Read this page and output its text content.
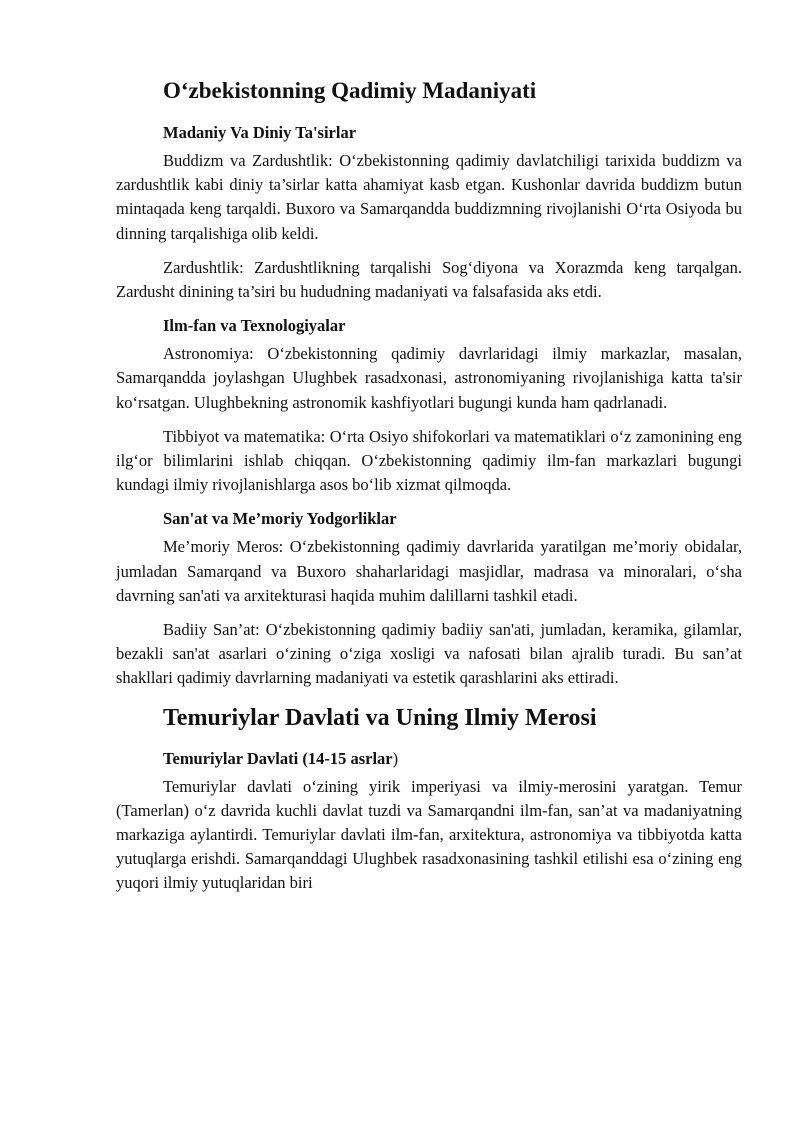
O‘zbekistonning Qadimiy Madaniyati
Madaniy Va Diniy Ta'sirlar

Buddizm va Zardushtlik: O‘zbekistonning qadimiy davlatchiligi tarixida buddizm va zardushtlik kabi diniy ta’sirlar katta ahamiyat kasb etgan. Kushonlar davrida buddizm butun mintaqada keng tarqaldi. Buxoro va Samarqandda buddizmning rivojlanishi O‘rta Osiyoda bu dinning tarqalishiga olib keldi.

Zardushtlik: Zardushtlikning tarqalishi Sog‘diyona va Xorazmda keng tarqalgan. Zardusht dinining ta’siri bu hududning madaniyati va falsafasida aks etdi.

Ilm-fan va Texnologiyalar

Astronomiya: O‘zbekistonning qadimiy davrlaridagi ilmiy markazlar, masalan, Samarqandda joylashgan Ulughbek rasadxonasi, astronomiyaning rivojlanishiga katta ta'sir ko‘rsatgan. Ulughbekning astronomik kashfiyotlari bugungi kunda ham qadrlanadi.

Tibbiyot va matematika: O‘rta Osiyo shifokorlari va matematiklari o‘z zamonining eng ilg‘or bilimlarini ishlab chiqqan. O‘zbekistonning qadimiy ilm-fan markazlari bugungi kundagi ilmiy rivojlanishlarga asos bo‘lib xizmat qilmoqda.

San'at va Me’moriy Yodgorliklar

Me’moriy Meros: O‘zbekistonning qadimiy davrlarida yaratilgan me’moriy obidalar, jumladan Samarqand va Buxoro shaharlaridagi masjidlar, madrasa va minoralari, o‘sha davrning san'ati va arxitekturasi haqida muhim dalillarni tashkil etadi.

Badiiy San’at: O‘zbekistonning qadimiy badiiy san'ati, jumladan, keramika, gilamlar, bezakli san'at asarlari o‘zining o‘ziga xosligi va nafosati bilan ajralib turadi. Bu san’at shakllari qadimiy davrlarning madaniyati va estetik qarashlarini aks ettiradi.

Temuriylar Davlati va Uning Ilmiy Merosi
Temuriylar Davlati (14-15 asrlar)

Temuriylar davlati o‘zining yirik imperiyasi va ilmiy-merosini yaratgan. Temur (Tamerlan) o‘z davrida kuchli davlat tuzdi va Samarqandni ilm-fan, san’at va madaniyatning markaziga aylantirdi. Temuriylar davlati ilm-fan, arxitektura, astronomiya va tibbiyotda katta yutuqlarga erishdi. Samarqanddagi Ulughbek rasadxonasining tashkil etilishi esa o‘zining eng yuqori ilmiy yutuqlaridan biri
